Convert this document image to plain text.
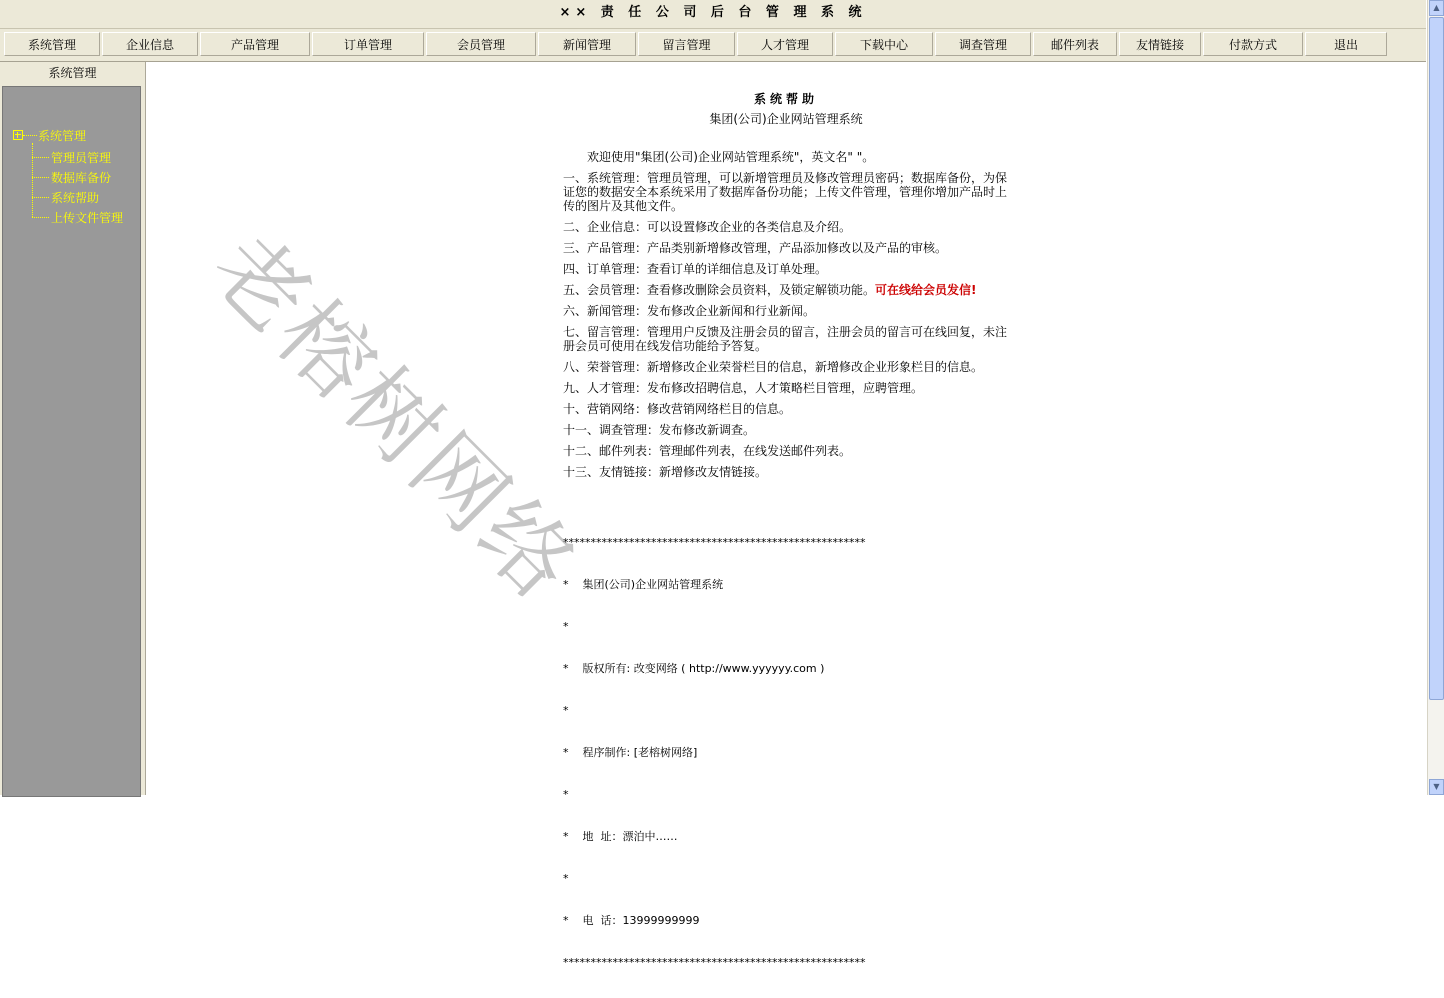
×× 责 任 公 司 后 台 管 理 系 统
系统管理	企业信息	产品管理	订单管理	会员管理	新闻管理	留言管理	人才管理	下载中心	调查管理	邮件列表	友情链接	付款方式	退出
系统管理
系统管理
管理员管理
数据库备份
系统帮助
上传文件管理
系统帮助
集团(公司)企业网站管理系统

欢迎使用"集团(公司)企业网站管理系统"，英文名" "。

一、系统管理：管理员管理，可以新增管理员及修改管理员密码；数据库备份，为保证您的数据安全本系统采用了数据库备份功能；上传文件管理，管理你增加产品时上传的图片及其他文件。

二、企业信息：可以设置修改企业的各类信息及介绍。

三、产品管理：产品类别新增修改管理，产品添加修改以及产品的审核。

四、订单管理：查看订单的详细信息及订单处理。

五、会员管理：查看修改删除会员资料，及锁定解锁功能。可在线给会员发信!

六、新闻管理：发布修改企业新闻和行业新闻。

七、留言管理：管理用户反馈及注册会员的留言，注册会员的留言可在线回复，未注册会员可使用在线发信功能给予答复。

八、荣誉管理：新增修改企业荣誉栏目的信息，新增修改企业形象栏目的信息。

九、人才管理：发布修改招聘信息，人才策略栏目管理，应聘管理。

十、营销网络：修改营销网络栏目的信息。

十一、调查管理：发布修改新调查。

十二、邮件列表：管理邮件列表，在线发送邮件列表。

十三、友情链接：新增修改友情链接。

*******************************************************

*    集团(公司)企业网站管理系统

*

*    版权所有: 改变网络 ( http://www.yyyyyy.com )

*

*    程序制作: [老榕树网络]

*

*    地  址：漂泊中……

*

*    电  话：13999999999

*******************************************************

老榕树网络
▲
▼
